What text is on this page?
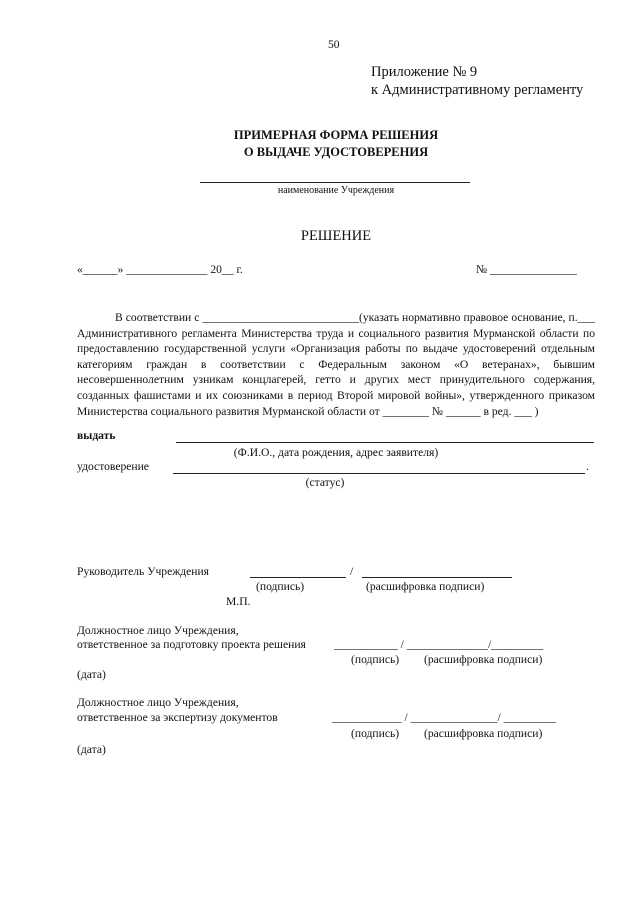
50
Приложение № 9
к Административному регламенту
ПРИМЕРНАЯ ФОРМА РЕШЕНИЯ
О ВЫДАЧЕ УДОСТОВЕРЕНИЯ
наименование Учреждения
РЕШЕНИЕ
«______» ______________ 20__ г.	№ _______________

В соответствии с ___________________________(указать нормативно правовое основание, п.___ Административного регламента Министерства труда и социального развития Мурманской области по предоставлению государственной услуги «Организация работы по выдаче удостоверений отдельным категориям граждан в соответствии с Федеральным законом «О ветеранах», бывшим несовершеннолетним узникам концлагерей, гетто и других мест принудительного содержания, созданных фашистами и их союзниками в период Второй мировой войны», утвержденного приказом Министерства социального развития Мурманской области от ________ № ______ в ред. ___ )

выдать
(Ф.И.О., дата рождения, адрес заявителя)
удостоверение	.
(статус)
Руководитель Учреждения	/
(подпись)	(расшифровка подписи)
М.П.
Должностное лицо Учреждения,
ответственное за подготовку проекта решения ___________ / ______________/_________
(подпись) (расшифровка подписи)
(дата)
Должностное лицо Учреждения,
ответственное за экспертизу документов	____________ / _______________/ _________
(подпись) (расшифровка подписи)
(дата)
